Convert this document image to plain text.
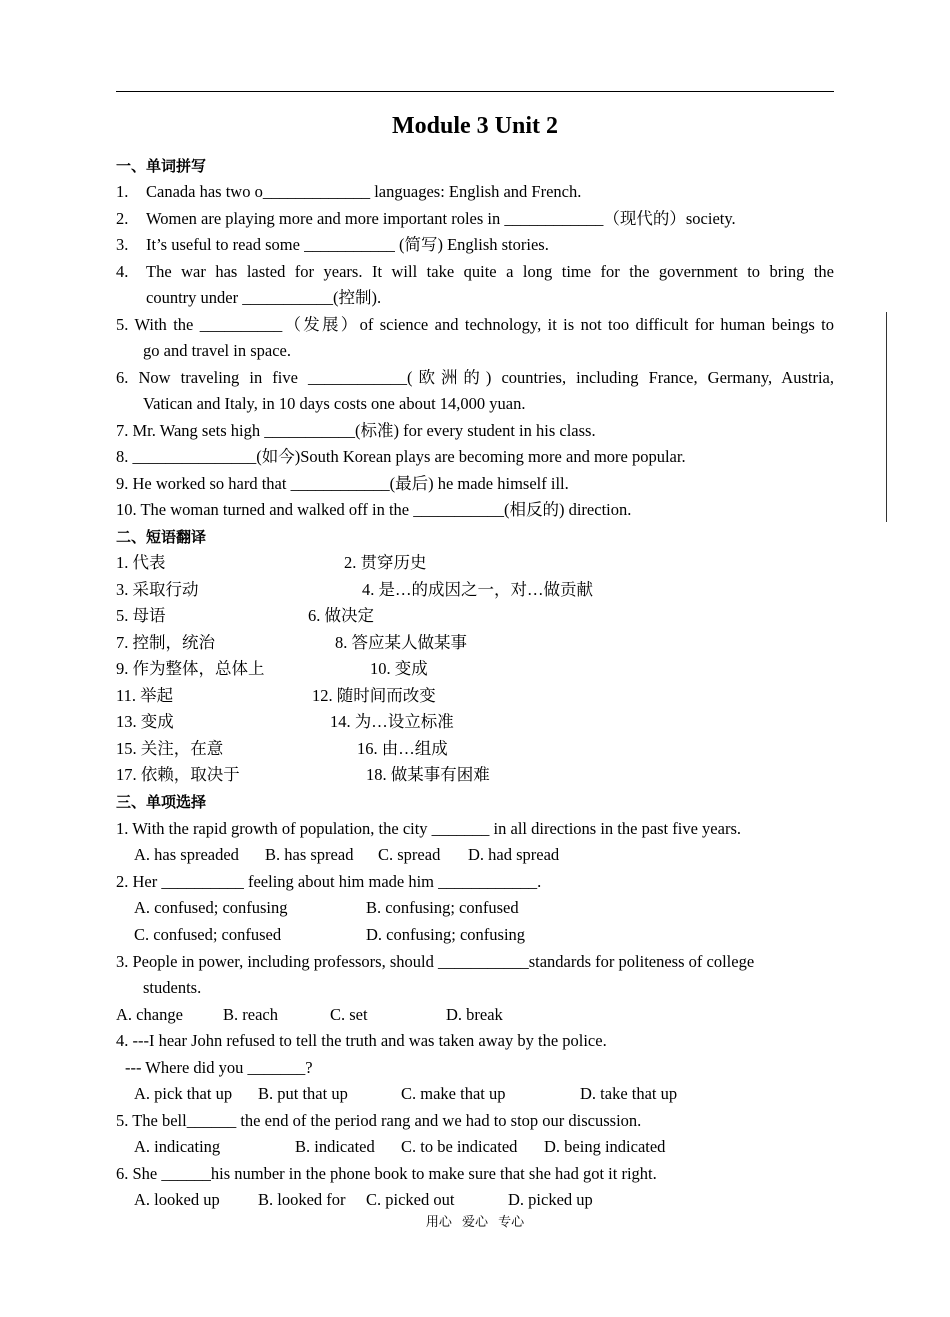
Module 3 Unit 2
一、单词拼写
1. Canada has two o_____________ languages: English and French.
2. Women are playing more and more important roles in ____________（现代的）society.
3. It’s useful to read some ___________ (简写) English stories.
4. The war has lasted for years. It will take quite a long time for the government to bring the
country under ___________(控制).
5. With the __________（发展）of science and technology, it is not too difficult for human beings to
go and travel in space.
6. Now traveling in five ____________(欧洲的) countries, including France, Germany, Austria,
Vatican and Italy, in 10 days costs one about 14,000 yuan.
7. Mr. Wang sets high ___________(标准) for every student in his class.
8. _______________(如今)South Korean plays are becoming more and more popular.
9. He worked so hard that ____________(最后) he made himself ill.
10. The woman turned and walked off in the ___________(相反的) direction.
二、短语翻译
1. 代表	2. 贯穿历史
3. 采取行动	4. 是…的成因之一，对…做贡献
5. 母语	6. 做决定
7. 控制，统治	8. 答应某人做某事
9. 作为整体，总体上	10. 变成
11. 举起	12. 随时间而改变
13. 变成	14. 为…设立标准
15. 关注，在意	16. 由…组成
17. 依赖，取决于	18. 做某事有困难
三、单项选择
1. With the rapid growth of population, the city _______ in all directions in the past five years.
A. has spreaded B. has spread C. spread D. had spread
2. Her __________ feeling about him made him ____________.
A. confused; confusing	B. confusing; confused
C. confused; confused	D. confusing; confusing
3. People in power, including professors, should ___________standards for politeness of college
students.
A. change B. reach	C. set	D. break
4. ---I hear John refused to tell the truth and was taken away by the police.
--- Where did you _______?
A. pick that up B. put that up	C. make that up	D. take that up
5. The bell______ the end of the period rang and we had to stop our discussion.
A. indicating	B. indicated C. to be indicated D. being indicated
6. She ______his number in the phone book to make sure that she had got it right.
A. looked up B. looked for C. picked out	D. picked up
用心 爱心 专心
